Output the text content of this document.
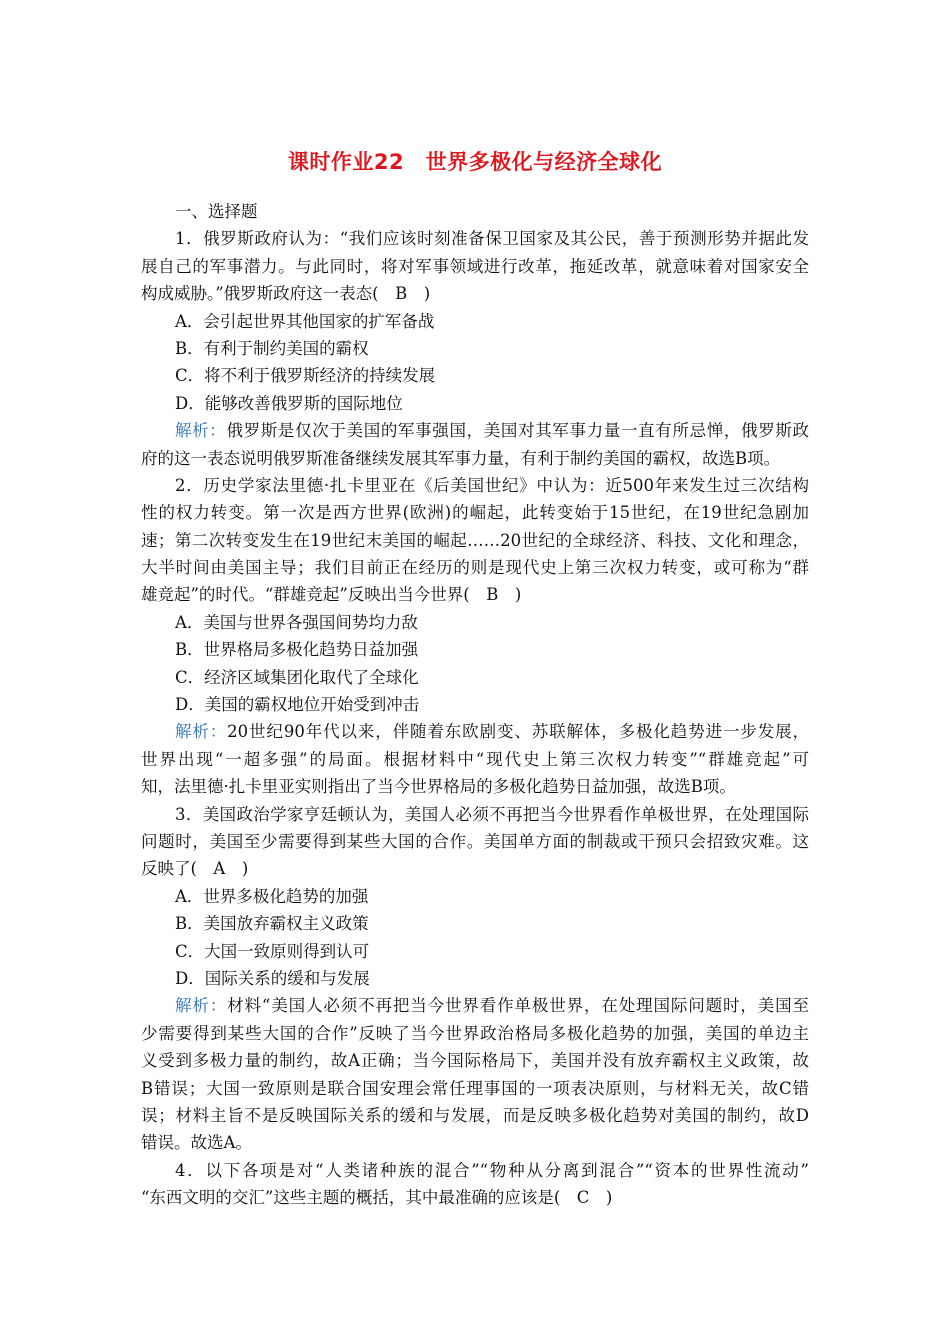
课时作业22　世界多极化与经济全球化
一、选择题
1．俄罗斯政府认为：“我们应该时刻准备保卫国家及其公民，善于预测形势并据此发
展自己的军事潜力。与此同时，将对军事领域进行改革，拖延改革，就意味着对国家安全
构成威胁。”俄罗斯政府这一表态(　B　)
A．会引起世界其他国家的扩军备战
B．有利于制约美国的霸权
C．将不利于俄罗斯经济的持续发展
D．能够改善俄罗斯的国际地位
解析：俄罗斯是仅次于美国的军事强国，美国对其军事力量一直有所忌惮，俄罗斯政
府的这一表态说明俄罗斯准备继续发展其军事力量，有利于制约美国的霸权，故选B项。
2．历史学家法里德·扎卡里亚在《后美国世纪》中认为：近500年来发生过三次结构
性的权力转变。第一次是西方世界(欧洲)的崛起，此转变始于15世纪，在19世纪急剧加
速；第二次转变发生在19世纪末美国的崛起……20世纪的全球经济、科技、文化和理念，
大半时间由美国主导；我们目前正在经历的则是现代史上第三次权力转变，或可称为“群
雄竞起”的时代。“群雄竞起”反映出当今世界(　B　)
A．美国与世界各强国间势均力敌
B．世界格局多极化趋势日益加强
C．经济区域集团化取代了全球化
D．美国的霸权地位开始受到冲击
解析：20世纪90年代以来，伴随着东欧剧变、苏联解体，多极化趋势进一步发展，
世界出现“一超多强”的局面。根据材料中“现代史上第三次权力转变”“群雄竞起”可
知，法里德·扎卡里亚实则指出了当今世界格局的多极化趋势日益加强，故选B项。
3．美国政治学家亨廷顿认为，美国人必须不再把当今世界看作单极世界，在处理国际
问题时，美国至少需要得到某些大国的合作。美国单方面的制裁或干预只会招致灾难。这
反映了(　A　)
A．世界多极化趋势的加强
B．美国放弃霸权主义政策
C．大国一致原则得到认可
D．国际关系的缓和与发展
解析：材料“美国人必须不再把当今世界看作单极世界，在处理国际问题时，美国至
少需要得到某些大国的合作”反映了当今世界政治格局多极化趋势的加强，美国的单边主
义受到多极力量的制约，故A正确；当今国际格局下，美国并没有放弃霸权主义政策，故
B错误；大国一致原则是联合国安理会常任理事国的一项表决原则，与材料无关，故C错
误；材料主旨不是反映国际关系的缓和与发展，而是反映多极化趋势对美国的制约，故D
错误。故选A。
4．以下各项是对“人类诸种族的混合”“物种从分离到混合”“资本的世界性流动”
“东西文明的交汇”这些主题的概括，其中最准确的应该是(　C　)
